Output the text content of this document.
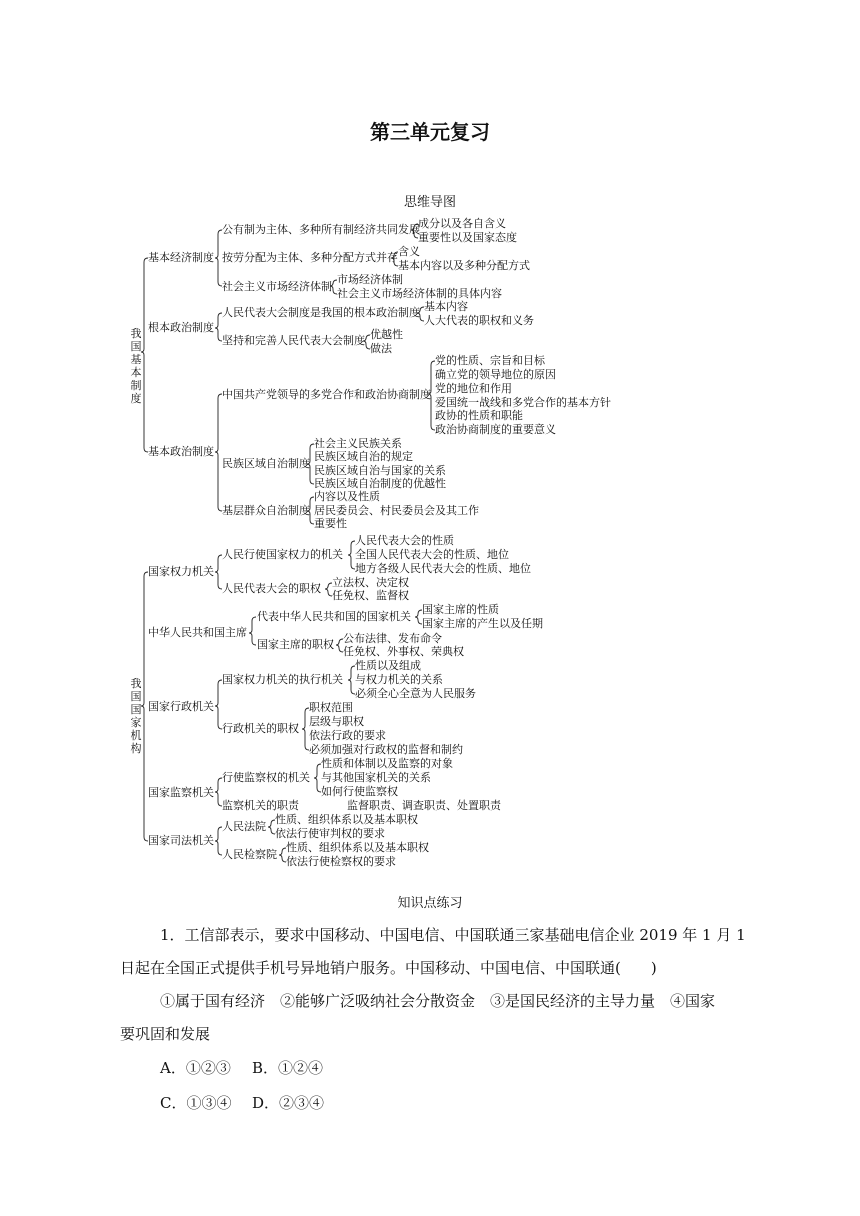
第三单元复习
思维导图
我国基本制度
我国国家机构
基本经济制度
公有制为主体、多种所有制经济共同发展
成分以及各自含义
重要性以及国家态度
按劳分配为主体、多种分配方式并存 含义
基本内容以及多种分配方式
社会主义市场经济体制
市场经济体制
社会主义市场经济体制的具体内容
根本政治制度
人民代表大会制度是我国的根本政治制度 基本内容
人大代表的职权和义务
坚持和完善人民代表大会制度 优越性
做法
基本政治制度
中国共产党领导的多党合作和政治协商制度
党的性质、宗旨和目标
确立党的领导地位的原因
党的地位和作用
爱国统一战线和多党合作的基本方针
政协的性质和职能
政治协商制度的重要意义
民族区域自治制度
社会主义民族关系
民族区域自治的规定
民族区域自治与国家的关系
民族区域自治制度的优越性
基层群众自治制度
内容以及性质
居民委员会、村民委员会及其工作
重要性
国家权力机关
人民行使国家权力的机关
人民代表大会的性质
全国人民代表大会的性质、地位
地方各级人民代表大会的性质、地位
人民代表大会的职权 立法权、决定权
任免权、监督权
中华人民共和国主席
代表中华人民共和国的国家机关
国家主席的性质
国家主席的产生以及任期
国家主席的职权 公布法律、发布命令
任免权、外事权、荣典权
国家行政机关
国家权力机关的执行机关
性质以及组成
与权力机关的关系
必须全心全意为人民服务
行政机关的职权
职权范围
层级与职权
依法行政的要求
必须加强对行政权的监督和制约
国家监察机关
行使监察权的机关
性质和体制以及监察的对象
与其他国家机关的关系
如何行使监察权
监察机关的职责	监督职责、调查职责、处置职责
国家司法机关
人民法院
性质、组织体系以及基本职权
依法行使审判权的要求
人民检察院
性质、组织体系以及基本职权
依法行使检察权的要求
知识点练习
1．工信部表示，要求中国移动、中国电信、中国联通三家基础电信企业 2019 年 1 月 1
日起在全国正式提供手机号异地销户服务。中国移动、中国电信、中国联通(　　)
①属于国有经济　②能够广泛吸纳社会分散资金　③是国民经济的主导力量　④国家
要巩固和发展
A．①②③ B．①②④
C．①③④ D．②③④
